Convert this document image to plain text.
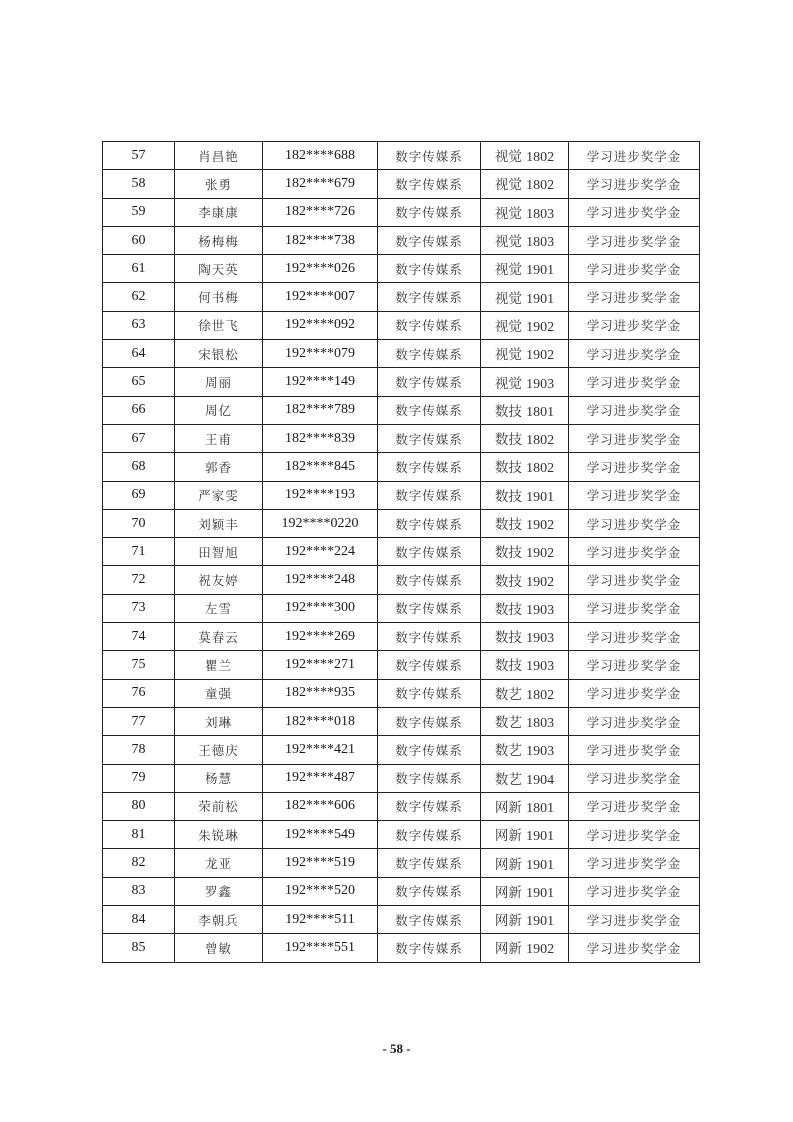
57	肖昌艳	182****688	数字传媒系	视觉 1802	学习进步奖学金
58	张勇	182****679	数字传媒系	视觉 1802	学习进步奖学金
59	李康康	182****726	数字传媒系	视觉 1803	学习进步奖学金
60	杨梅梅	182****738	数字传媒系	视觉 1803	学习进步奖学金
61	陶天英	192****026	数字传媒系	视觉 1901	学习进步奖学金
62	何书梅	192****007	数字传媒系	视觉 1901	学习进步奖学金
63	徐世飞	192****092	数字传媒系	视觉 1902	学习进步奖学金
64	宋银松	192****079	数字传媒系	视觉 1902	学习进步奖学金
65	周丽	192****149	数字传媒系	视觉 1903	学习进步奖学金
66	周亿	182****789	数字传媒系	数技 1801	学习进步奖学金
67	王甫	182****839	数字传媒系	数技 1802	学习进步奖学金
68	郭香	182****845	数字传媒系	数技 1802	学习进步奖学金
69	严家雯	192****193	数字传媒系	数技 1901	学习进步奖学金
70	刘颖丰	192****0220	数字传媒系	数技 1902	学习进步奖学金
71	田智旭	192****224	数字传媒系	数技 1902	学习进步奖学金
72	祝友婷	192****248	数字传媒系	数技 1902	学习进步奖学金
73	左雪	192****300	数字传媒系	数技 1903	学习进步奖学金
74	莫春云	192****269	数字传媒系	数技 1903	学习进步奖学金
75	瞿兰	192****271	数字传媒系	数技 1903	学习进步奖学金
76	童强	182****935	数字传媒系	数艺 1802	学习进步奖学金
77	刘琳	182****018	数字传媒系	数艺 1803	学习进步奖学金
78	王德庆	192****421	数字传媒系	数艺 1903	学习进步奖学金
79	杨慧	192****487	数字传媒系	数艺 1904	学习进步奖学金
80	荣前松	182****606	数字传媒系	网新 1801	学习进步奖学金
81	朱锐琳	192****549	数字传媒系	网新 1901	学习进步奖学金
82	龙亚	192****519	数字传媒系	网新 1901	学习进步奖学金
83	罗鑫	192****520	数字传媒系	网新 1901	学习进步奖学金
84	李朝兵	192****511	数字传媒系	网新 1901	学习进步奖学金
85	曾敏	192****551	数字传媒系	网新 1902	学习进步奖学金
- 58 -
